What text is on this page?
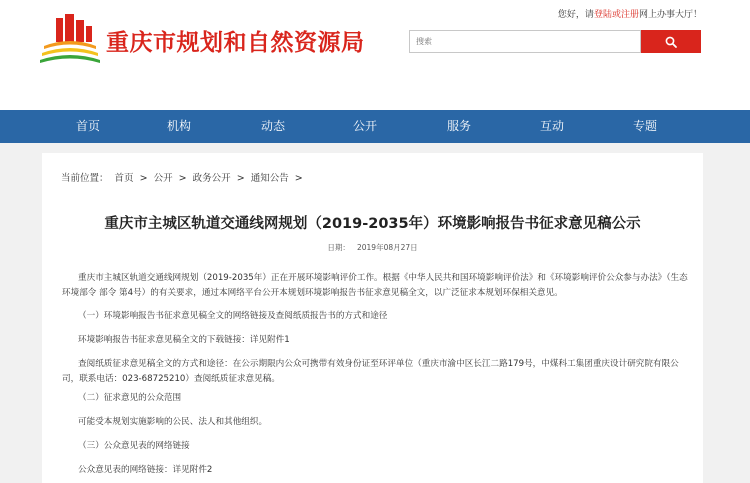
重庆市规划和自然资源局
您好，请登陆或注册网上办事大厅！
搜索
首页	机构	动态	公开	服务	互动	专题
当前位置： 首页 > 公开 > 政务公开 > 通知公告 >
重庆市主城区轨道交通线网规划（2019-2035年）环境影响报告书征求意见稿公示
日期： 2019年08月27日
重庆市主城区轨道交通线网规划（2019-2035年）正在开展环境影响评价工作。根据《中华人民共和国环境影响评价法》和《环境影响评价公众参与办法》（生态环境部令 部令 第4号）的有关要求，通过本网络平台公开本规划环境影响报告书征求意见稿全文，以广泛征求本规划环保相关意见。
（一）环境影响报告书征求意见稿全文的网络链接及查阅纸质报告书的方式和途径
环境影响报告书征求意见稿全文的下载链接：详见附件1
查阅纸质征求意见稿全文的方式和途径：在公示期限内公众可携带有效身份证至环评单位（重庆市渝中区长江二路179号，中煤科工集团重庆设计研究院有限公司，联系电话：023-68725210）查阅纸质征求意见稿。
（二）征求意见的公众范围
可能受本规划实施影响的公民、法人和其他组织。
（三）公众意见表的网络链接
公众意见表的网络链接：详见附件2
